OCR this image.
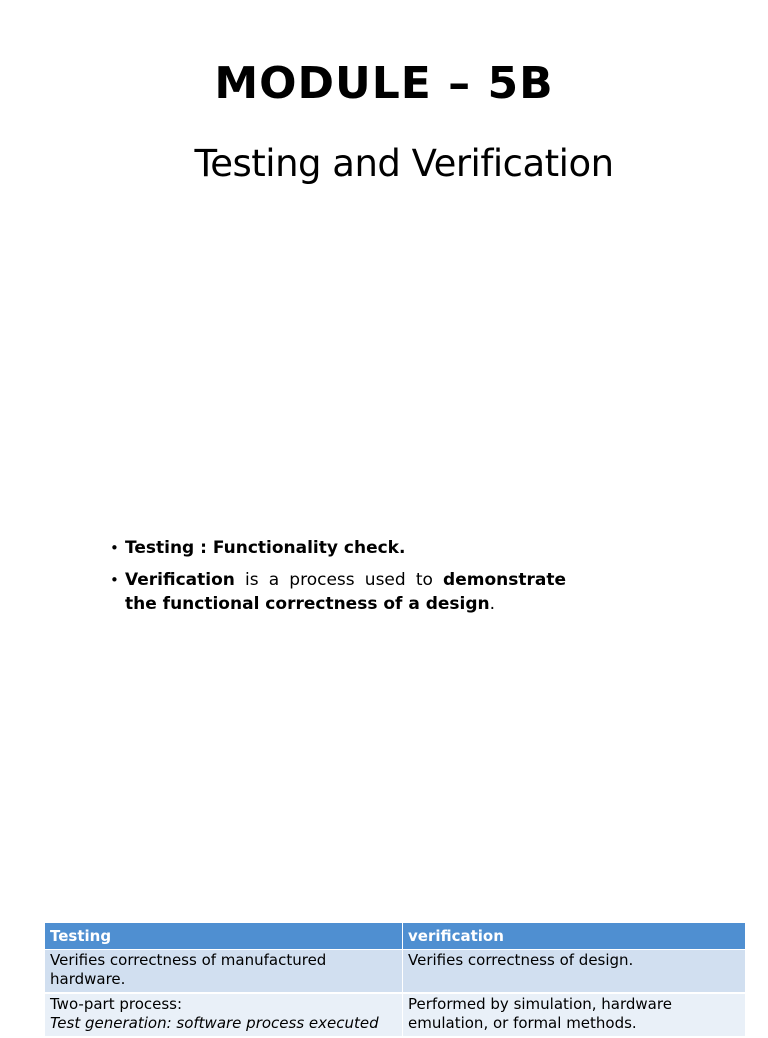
MODULE – 5B
Testing and Verification
• Testing : Functionality check.
• Verification is a process used to demonstrate the functional correctness of a design.
Testing	verification
Verifies correctness of manufactured hardware.	Verifies correctness of design.

Two-part process:
Test generation: software process executed	Performed by simulation, hardware emulation, or formal methods.
